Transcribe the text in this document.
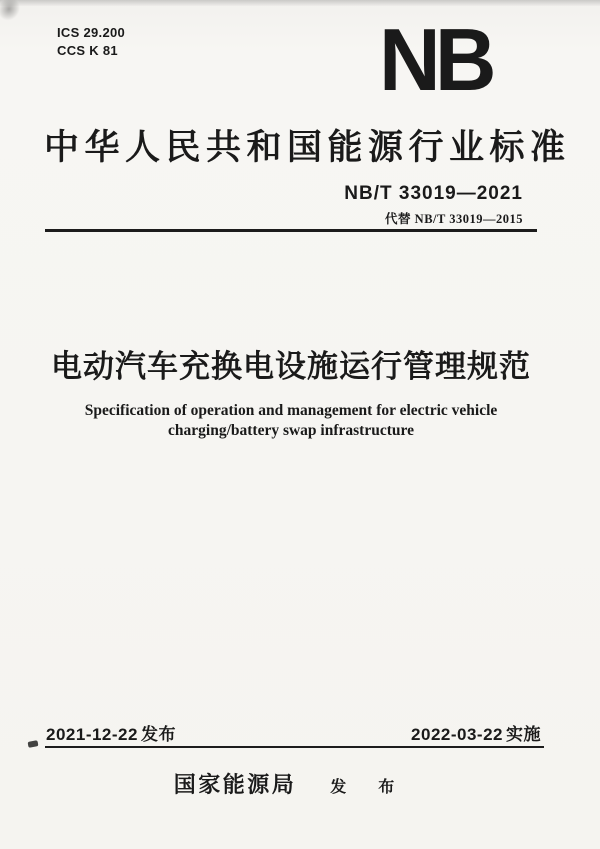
ICS 29.200
CCS K 81	NB
中华人民共和国能源行业标准
NB/T 33019—2021
代替 NB/T 33019—2015
电动汽车充换电设施运行管理规范
Specification of operation and management for electric vehicle
charging/battery swap infrastructure
2021-12-22 发布	2022-03-22 实施
国家能源局 发 布
